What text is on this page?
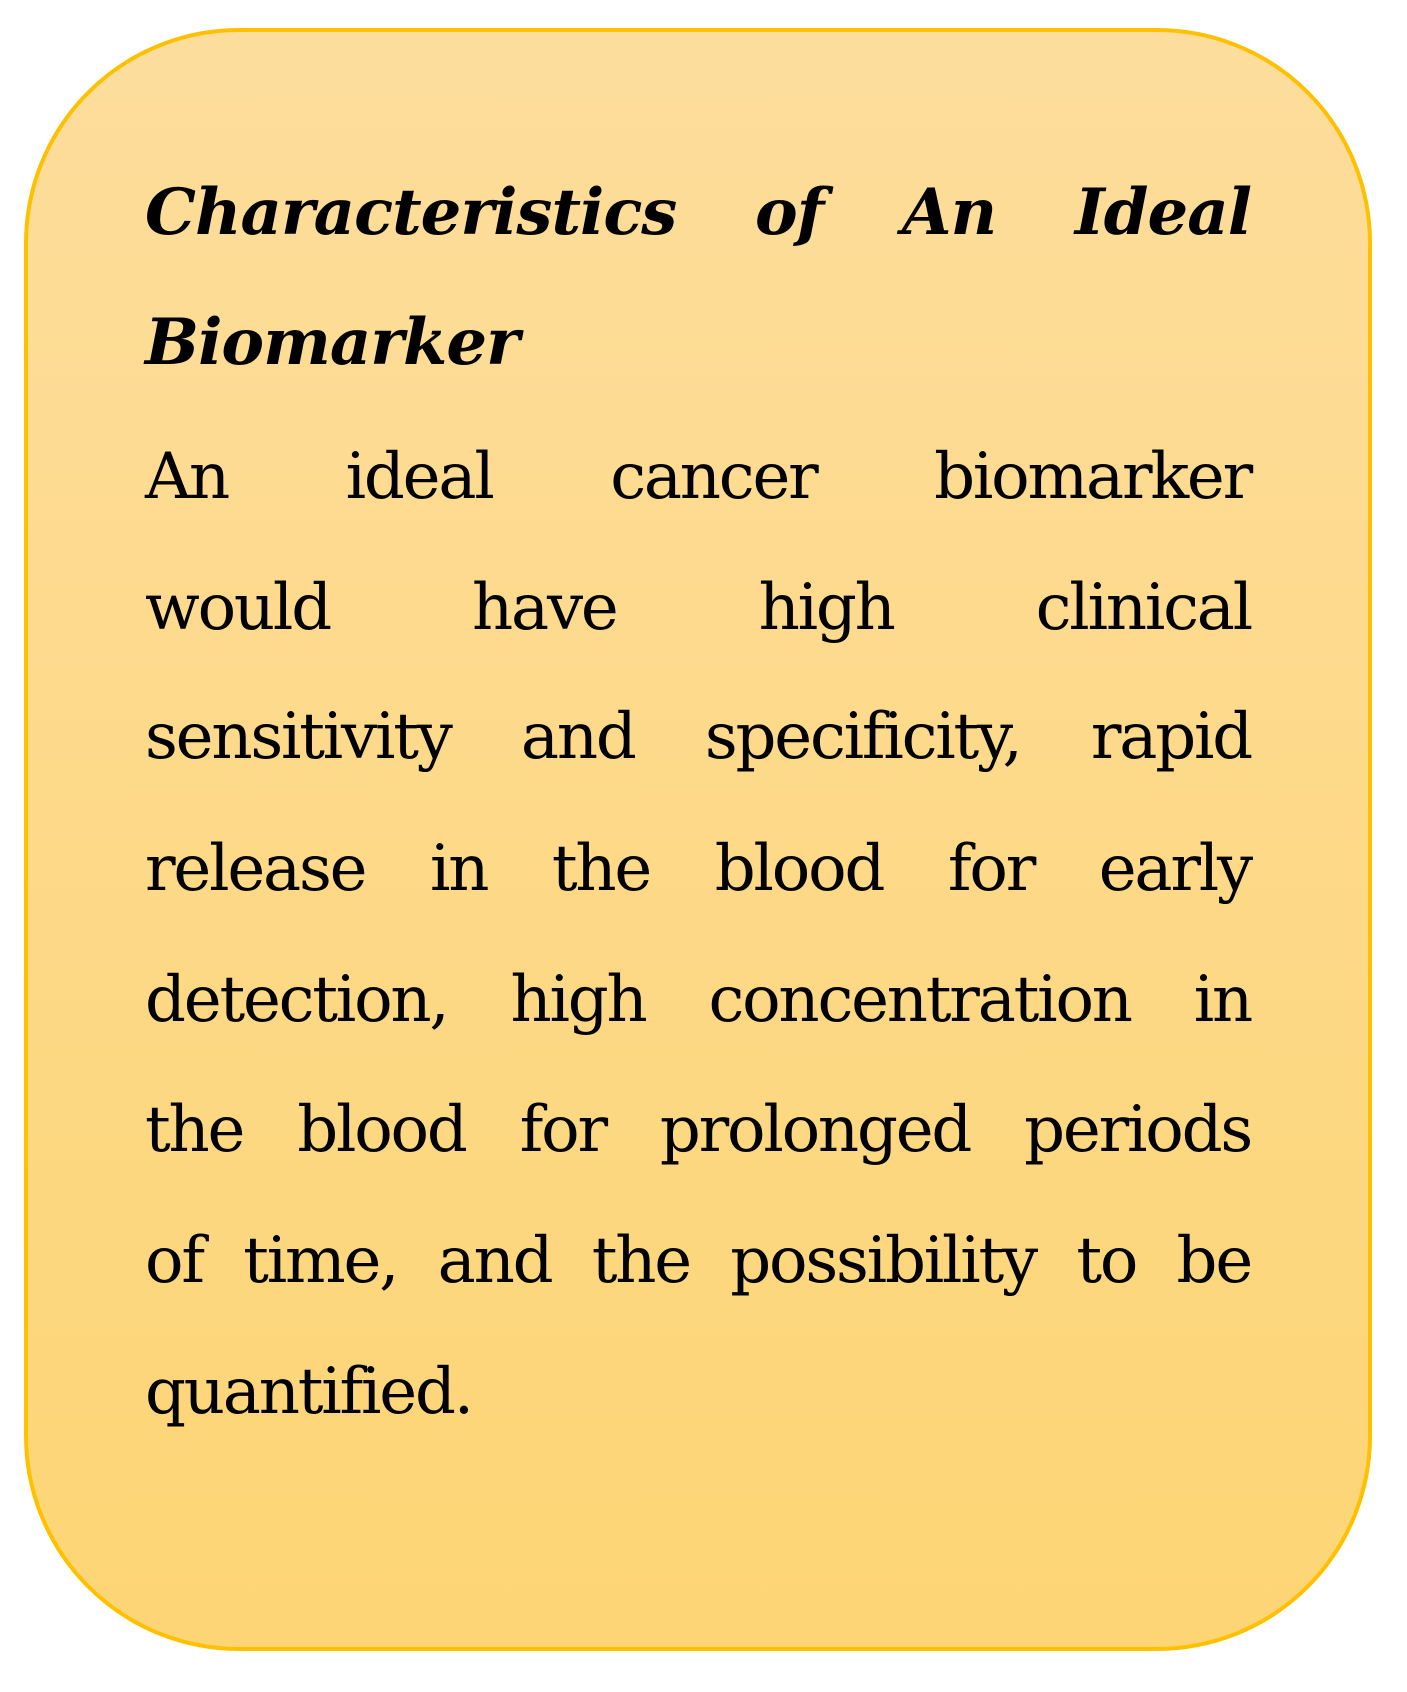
Characteristics of An Ideal
Biomarker
An ideal cancer biomarker
would have high clinical
sensitivity and specificity, rapid
release in the blood for early
detection, high concentration in
the blood for prolonged periods
of time, and the possibility to be
quantified.
